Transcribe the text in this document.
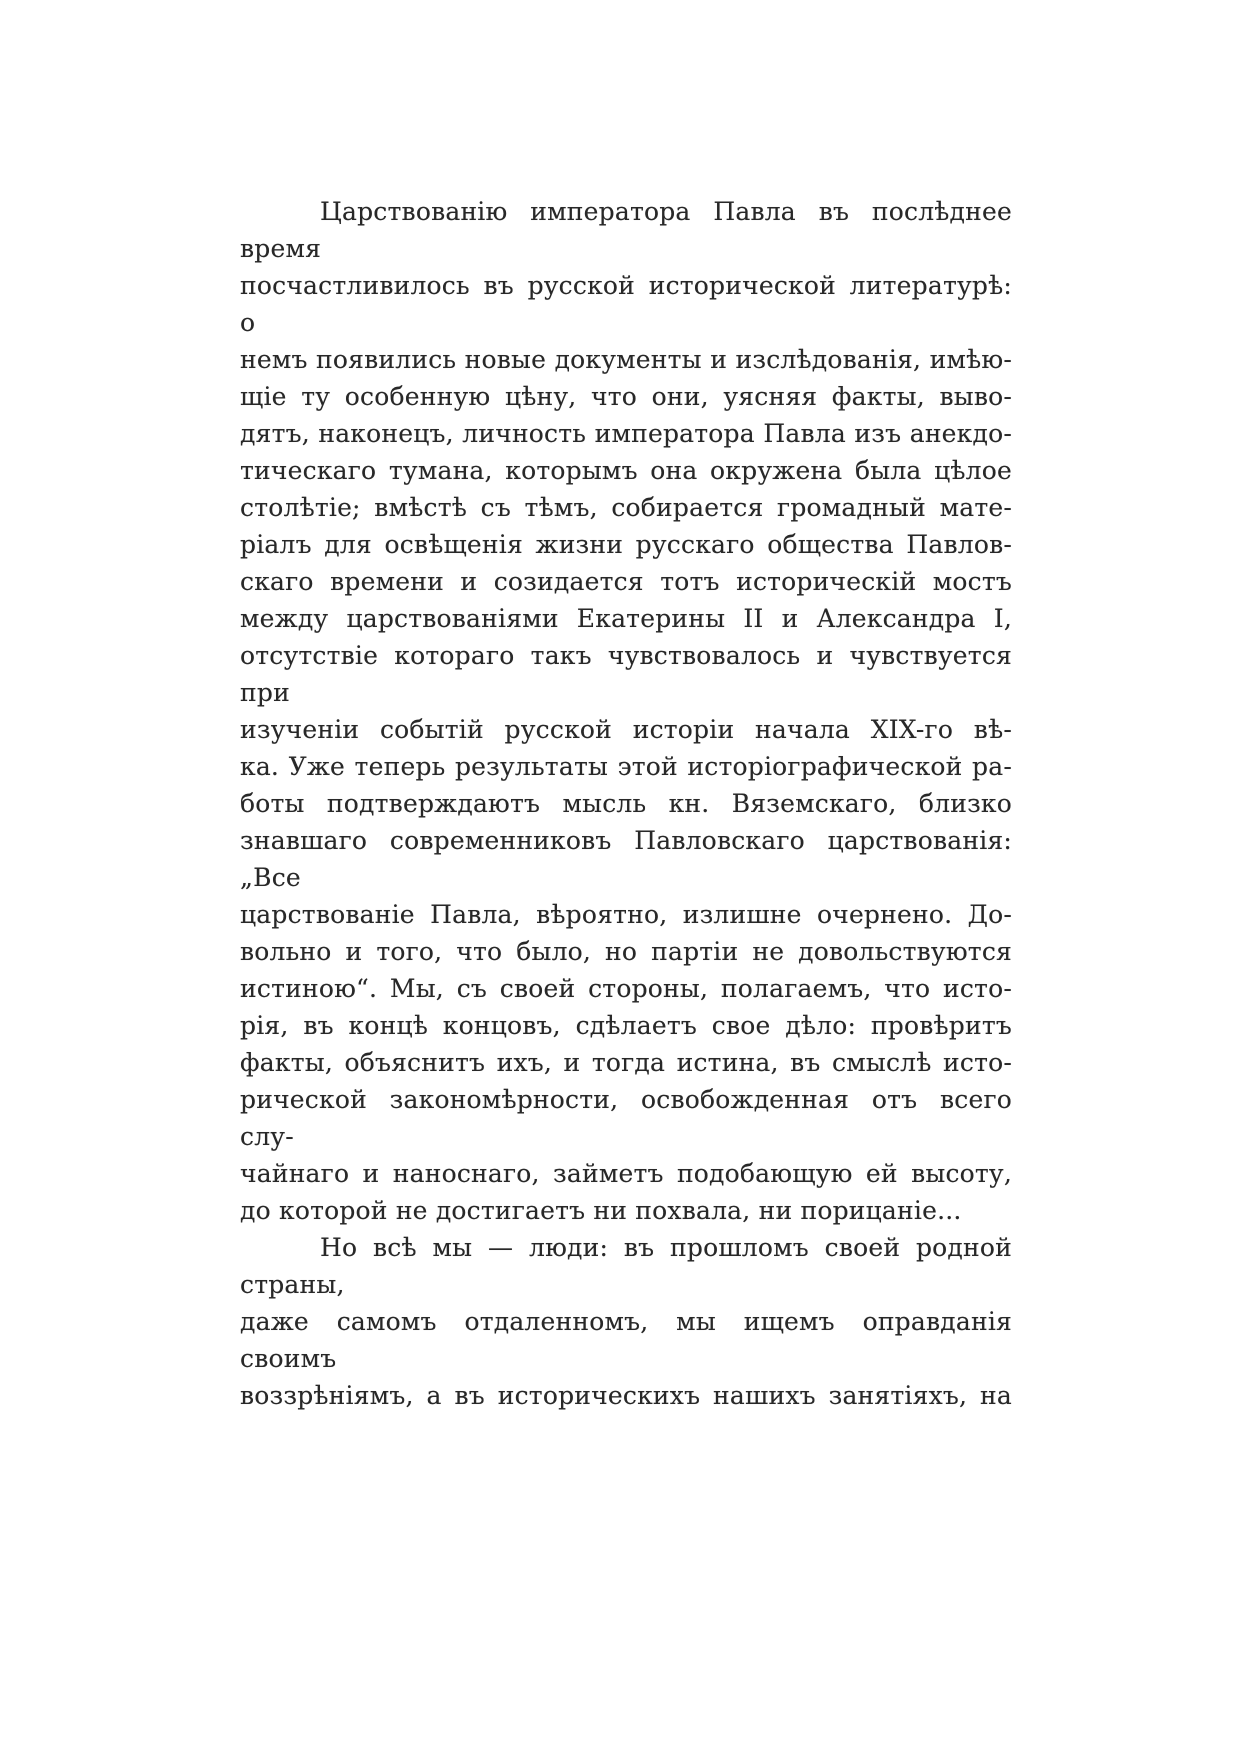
Царствованію императора Павла въ послѣднее время
посчастливилось въ русской исторической литературѣ: о
немъ появились новые документы и изслѣдованія, имѣю-
щіе ту особенную цѣну, что они, уясняя факты, выво-
дятъ, наконецъ, личность императора Павла изъ анекдо-
тическаго тумана, которымъ она окружена была цѣлое
столѣтіе; вмѣстѣ съ тѣмъ, собирается громадный мате-
ріалъ для освѣщенія жизни русскаго общества Павлов-
скаго времени и созидается тотъ историческій мостъ
между царствованіями Екатерины II и Александра I,
отсутствіе котораго такъ чувствовалось и чувствуется при
изученіи событій русской исторіи начала XIX-го вѣ-
ка. Уже теперь результаты этой исторіографической ра-
боты подтверждаютъ мысль кн. Вяземскаго, близко
знавшаго современниковъ Павловскаго царствованія: „Все
царствованіе Павла, вѣроятно, излишне очернено. До-
вольно и того, что было, но партіи не довольствуются
истиною“. Мы, съ своей стороны, полагаемъ, что исто-
рія, въ концѣ концовъ, сдѣлаетъ свое дѣло: провѣритъ
факты, объяснитъ ихъ, и тогда истина, въ смыслѣ исто-
рической закономѣрности, освобожденная отъ всего слу-
чайнаго и наноснаго, займетъ подобающую ей высоту,
до которой не достигаетъ ни похвала, ни порицаніе...
Но всѣ мы — люди: въ прошломъ своей родной страны,
даже самомъ отдаленномъ, мы ищемъ оправданія своимъ
воззрѣніямъ, а въ историческихъ нашихъ занятіяхъ, на
